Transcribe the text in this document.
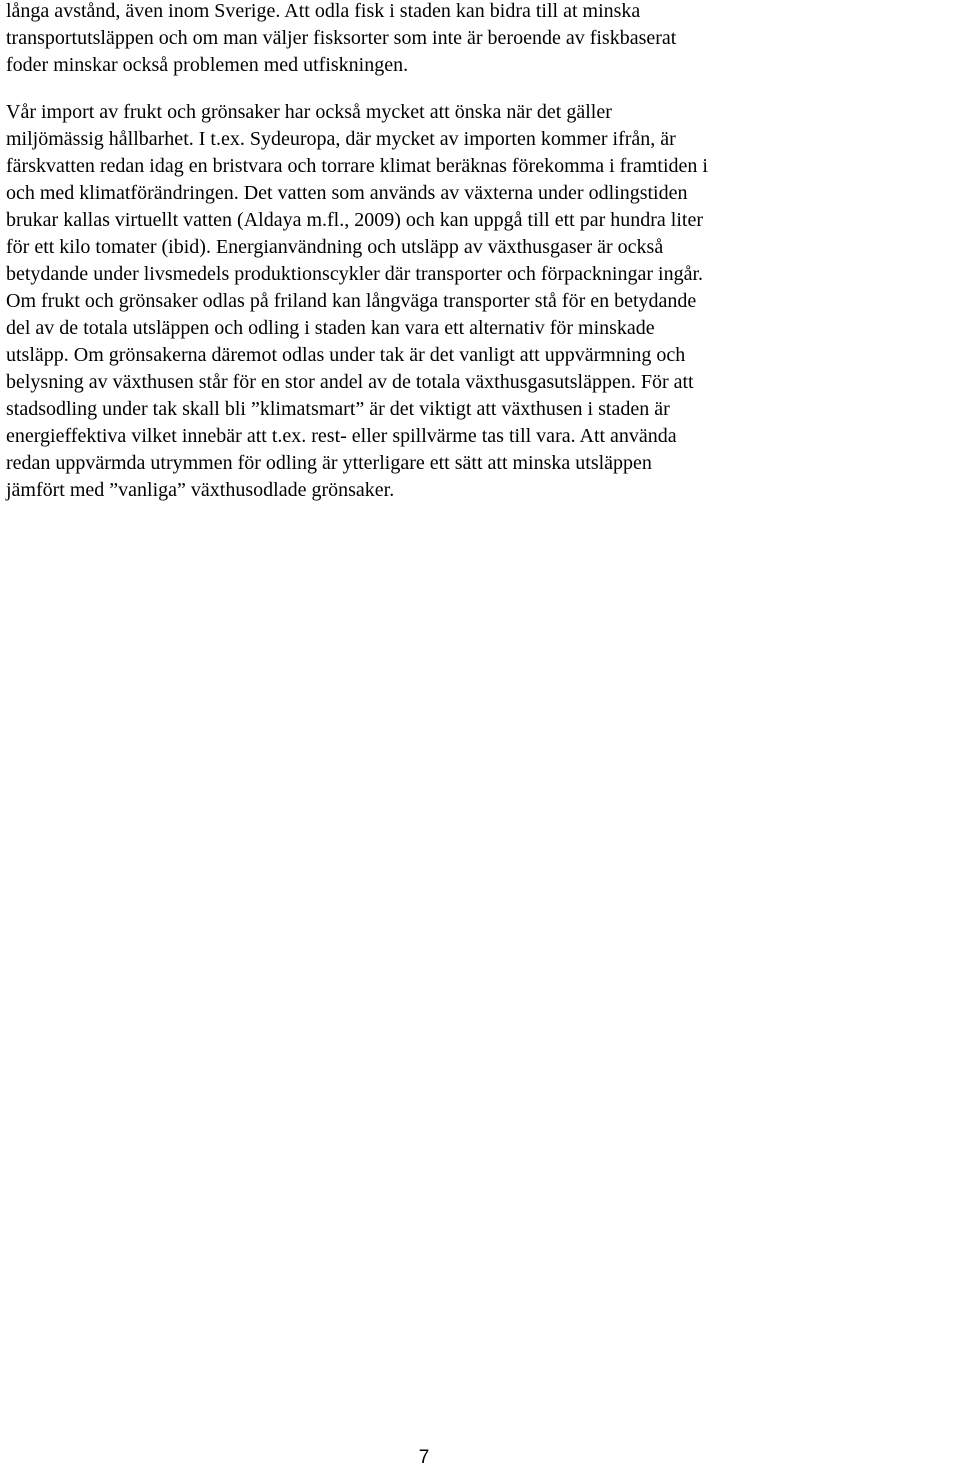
långa avstånd, även inom Sverige. Att odla fisk i staden kan bidra till at minska
transportutsläppen och om man väljer fisksorter som inte är beroende av fiskbaserat
foder minskar också problemen med utfiskningen.

Vår import av frukt och grönsaker har också mycket att önska när det gäller
miljömässig hållbarhet. I t.ex. Sydeuropa, där mycket av importen kommer ifrån, är
färskvatten redan idag en bristvara och torrare klimat beräknas förekomma i framtiden i
och med klimatförändringen. Det vatten som används av växterna under odlingstiden
brukar kallas virtuellt vatten (Aldaya m.fl., 2009) och kan uppgå till ett par hundra liter
för ett kilo tomater (ibid). Energianvändning och utsläpp av växthusgaser är också
betydande under livsmedels produktionscykler där transporter och förpackningar ingår.
Om frukt och grönsaker odlas på friland kan långväga transporter stå för en betydande
del av de totala utsläppen och odling i staden kan vara ett alternativ för minskade
utsläpp. Om grönsakerna däremot odlas under tak är det vanligt att uppvärmning och
belysning av växthusen står för en stor andel av de totala växthusgasutsläppen. För att
stadsodling under tak skall bli ”klimatsmart” är det viktigt att växthusen i staden är
energieffektiva vilket innebär att t.ex. rest- eller spillvärme tas till vara. Att använda
redan uppvärmda utrymmen för odling är ytterligare ett sätt att minska utsläppen
jämfört med ”vanliga” växthusodlade grönsaker.

7
